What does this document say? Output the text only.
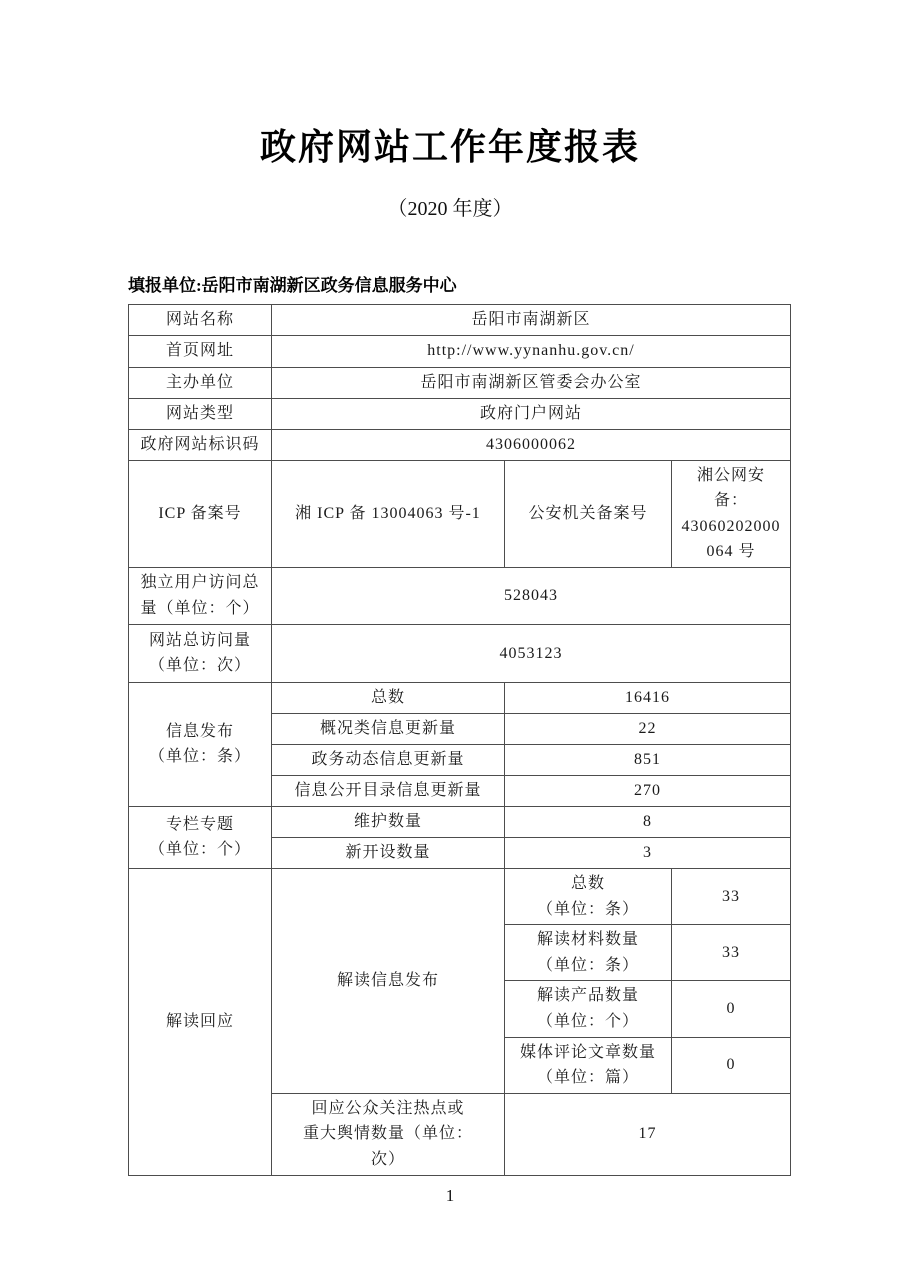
政府网站工作年度报表
（2020 年度）
填报单位:岳阳市南湖新区政务信息服务中心
网站名称	岳阳市南湖新区		
首页网址	http://www.yynanhu.gov.cn/		
主办单位	岳阳市南湖新区管委会办公室		
网站类型	政府门户网站		
政府网站标识码	4306000062		
ICP 备案号	湘 ICP 备 13004063 号-1	公安机关备案号	湘公网安
备：
43060202000
064 号

独立用户访问总
量（单位：个）	528043		

网站总访问量
（单位：次）	4053123		

信息发布
（单位：条）	总数	16416	
	概况类信息更新量	22	
	政务动态信息更新量	851	
	信息公开目录信息更新量	270	

专栏专题
（单位：个）	维护数量	8	
	新开设数量	3	
解读回应	解读信息发布	总数
（单位：条）	33

		解读材料数量
（单位：条）	33

		解读产品数量
（单位：个）	0

		媒体评论文章数量
（单位：篇）	0

	回应公众关注热点或
重大舆情数量（单位：
次）	17	
1
